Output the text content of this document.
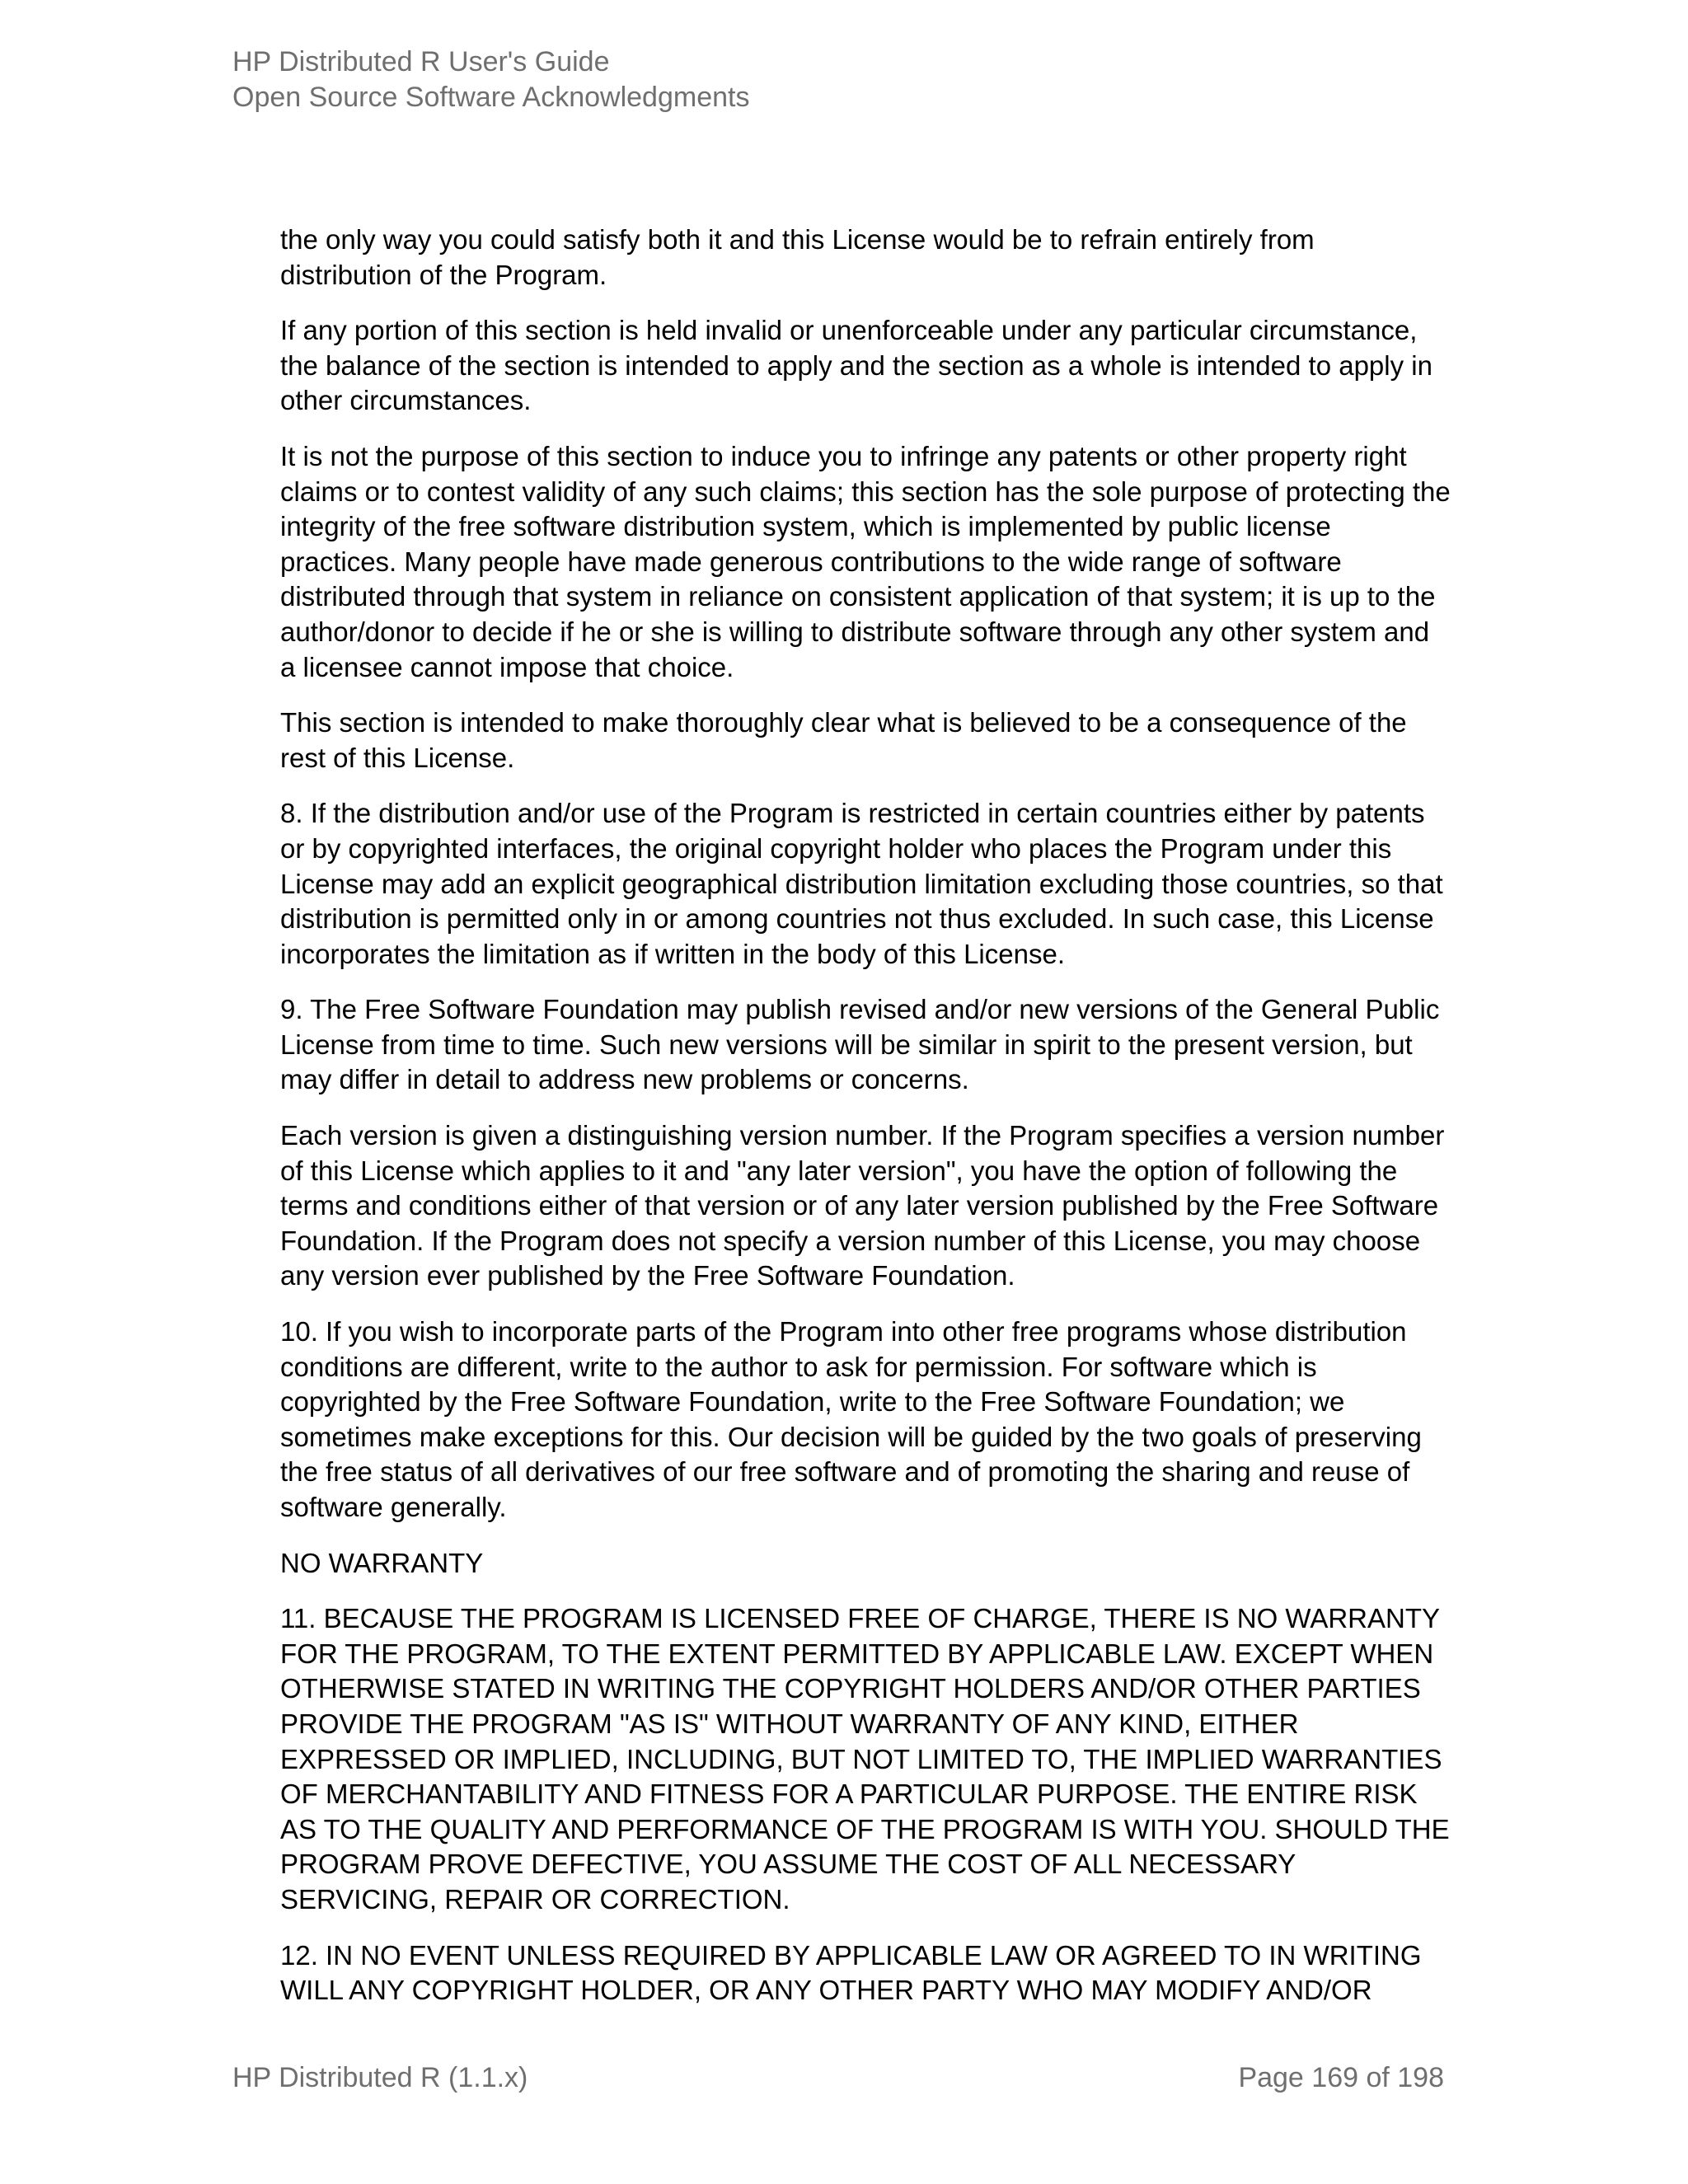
HP Distributed R User's Guide
Open Source Software Acknowledgments

the only way you could satisfy both it and this License would be to refrain entirely from distribution of the Program.

If any portion of this section is held invalid or unenforceable under any particular circumstance, the balance of the section is intended to apply and the section as a whole is intended to apply in other circumstances.

It is not the purpose of this section to induce you to infringe any patents or other property right claims or to contest validity of any such claims; this section has the sole purpose of protecting the integrity of the free software distribution system, which is implemented by public license practices. Many people have made generous contributions to the wide range of software distributed through that system in reliance on consistent application of that system; it is up to the author/donor to decide if he or she is willing to distribute software through any other system and a licensee cannot impose that choice.

This section is intended to make thoroughly clear what is believed to be a consequence of the rest of this License.

8. If the distribution and/or use of the Program is restricted in certain countries either by patents or by copyrighted interfaces, the original copyright holder who places the Program under this License may add an explicit geographical distribution limitation excluding those countries, so that distribution is permitted only in or among countries not thus excluded. In such case, this License incorporates the limitation as if written in the body of this License.

9. The Free Software Foundation may publish revised and/or new versions of the General Public License from time to time. Such new versions will be similar in spirit to the present version, but may differ in detail to address new problems or concerns.

Each version is given a distinguishing version number. If the Program specifies a version number of this License which applies to it and "any later version", you have the option of following the terms and conditions either of that version or of any later version published by the Free Software Foundation. If the Program does not specify a version number of this License, you may choose any version ever published by the Free Software Foundation.

10. If you wish to incorporate parts of the Program into other free programs whose distribution conditions are different, write to the author to ask for permission. For software which is copyrighted by the Free Software Foundation, write to the Free Software Foundation; we sometimes make exceptions for this. Our decision will be guided by the two goals of preserving the free status of all derivatives of our free software and of promoting the sharing and reuse of software generally.

NO WARRANTY

11. BECAUSE THE PROGRAM IS LICENSED FREE OF CHARGE, THERE IS NO WARRANTY FOR THE PROGRAM, TO THE EXTENT PERMITTED BY APPLICABLE LAW. EXCEPT WHEN OTHERWISE STATED IN WRITING THE COPYRIGHT HOLDERS AND/OR OTHER PARTIES PROVIDE THE PROGRAM "AS IS" WITHOUT WARRANTY OF ANY KIND, EITHER EXPRESSED OR IMPLIED, INCLUDING, BUT NOT LIMITED TO, THE IMPLIED WARRANTIES OF MERCHANTABILITY AND FITNESS FOR A PARTICULAR PURPOSE. THE ENTIRE RISK AS TO THE QUALITY AND PERFORMANCE OF THE PROGRAM IS WITH YOU. SHOULD THE PROGRAM PROVE DEFECTIVE, YOU ASSUME THE COST OF ALL NECESSARY SERVICING, REPAIR OR CORRECTION.

12. IN NO EVENT UNLESS REQUIRED BY APPLICABLE LAW OR AGREED TO IN WRITING WILL ANY COPYRIGHT HOLDER, OR ANY OTHER PARTY WHO MAY MODIFY AND/OR

HP Distributed R (1.1.x)	Page 169 of 198
